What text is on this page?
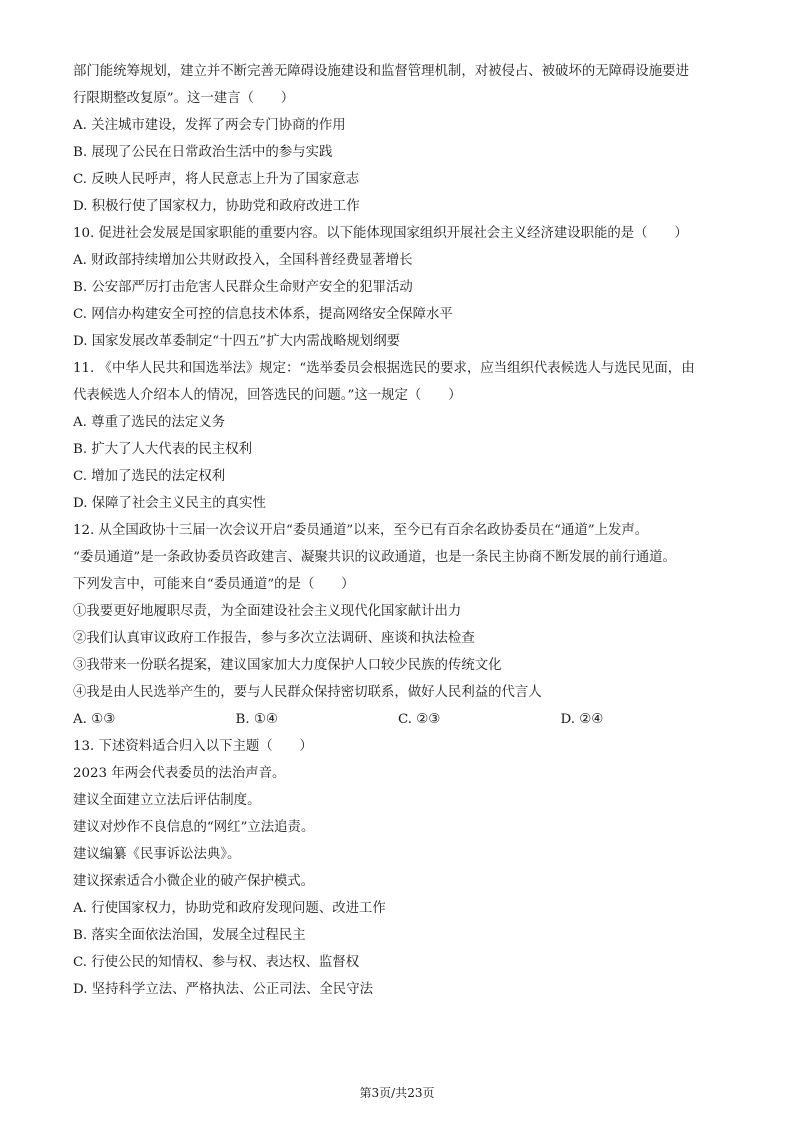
部门能统筹规划，建立并不断完善无障碍设施建设和监督管理机制，对被侵占、被破坏的无障碍设施要进
行限期整改复原”。这一建言（　　）
A. 关注城市建设，发挥了两会专门协商的作用
B. 展现了公民在日常政治生活中的参与实践
C. 反映人民呼声，将人民意志上升为了国家意志
D. 积极行使了国家权力，协助党和政府改进工作
10. 促进社会发展是国家职能的重要内容。以下能体现国家组织开展社会主义经济建设职能的是（　　）
A. 财政部持续增加公共财政投入，全国科普经费显著增长
B. 公安部严厉打击危害人民群众生命财产安全的犯罪活动
C. 网信办构建安全可控的信息技术体系，提高网络安全保障水平
D. 国家发展改革委制定“十四五”扩大内需战略规划纲要
11. 《中华人民共和国选举法》规定：“选举委员会根据选民的要求，应当组织代表候选人与选民见面，由
代表候选人介绍本人的情况，回答选民的问题。”这一规定（　　）
A. 尊重了选民的法定义务
B. 扩大了人大代表的民主权利
C. 增加了选民的法定权利
D. 保障了社会主义民主的真实性
12. 从全国政协十三届一次会议开启“委员通道”以来，至今已有百余名政协委员在“通道”上发声。
“委员通道”是一条政协委员咨政建言、凝聚共识的议政通道，也是一条民主协商不断发展的前行通道。
下列发言中，可能来自“委员通道”的是（　　）
①我要更好地履职尽责，为全面建设社会主义现代化国家献计出力
②我们认真审议政府工作报告，参与多次立法调研、座谈和执法检查
③我带来一份联名提案，建议国家加大力度保护人口较少民族的传统文化
④我是由人民选举产生的，要与人民群众保持密切联系，做好人民利益的代言人
A. ①③	B. ①④	C. ②③	D. ②④
13. 下述资料适合归入以下主题（　　）
2023 年两会代表委员的法治声音。
建议全面建立立法后评估制度。
建议对炒作不良信息的“网红”立法追责。
建议编纂《民事诉讼法典》。
建议探索适合小微企业的破产保护模式。
A. 行使国家权力，协助党和政府发现问题、改进工作
B. 落实全面依法治国，发展全过程民主
C. 行使公民的知情权、参与权、表达权、监督权
D. 坚持科学立法、严格执法、公正司法、全民守法
第3页/共23页
